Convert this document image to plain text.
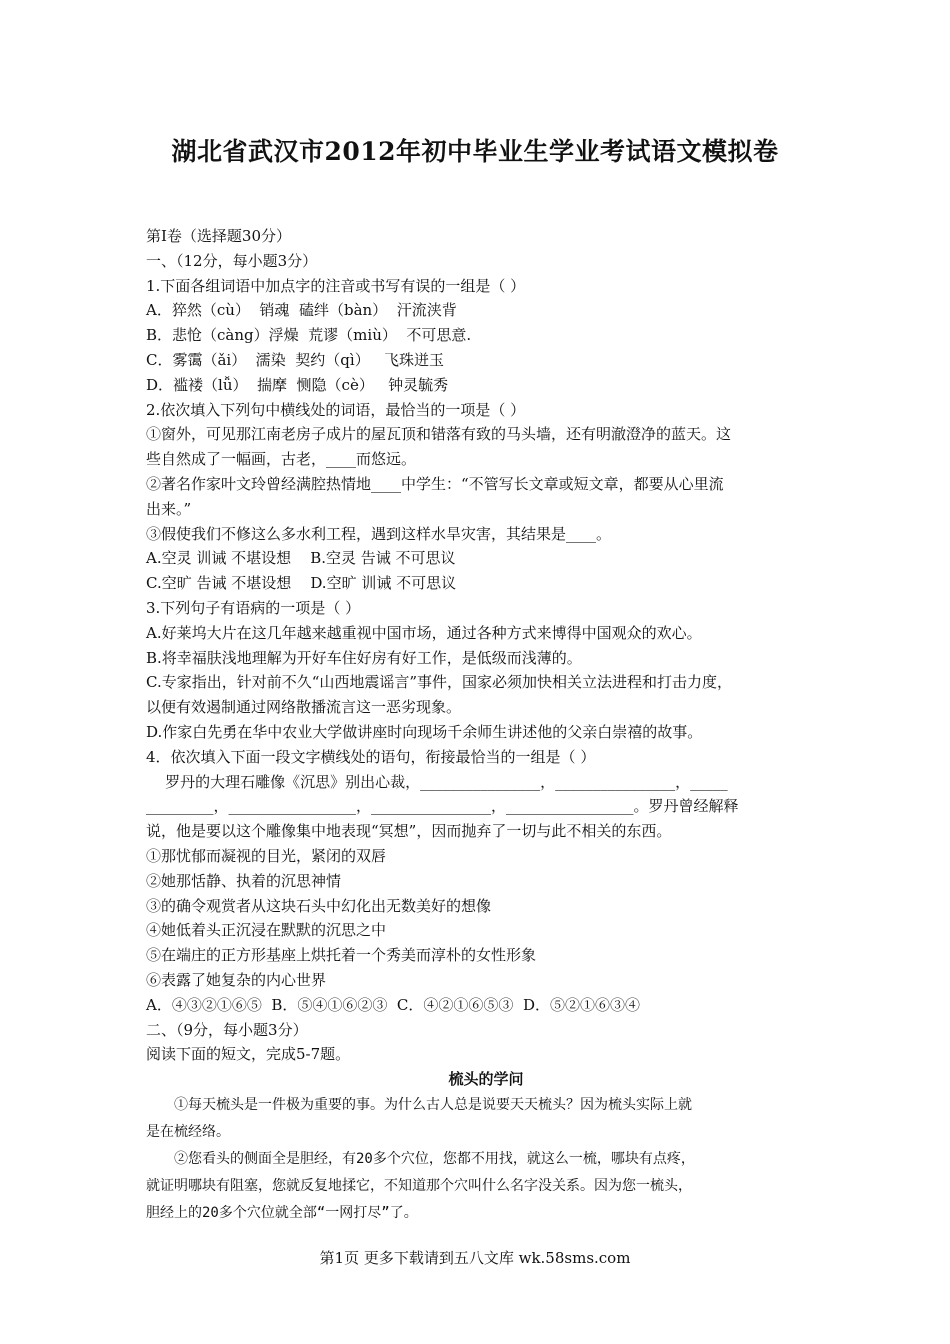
湖北省武汉市2012年初中毕业生学业考试语文模拟卷

第Ⅰ卷（选择题30分）

一、（12分，每小题3分）

1.下面各组词语中加点字的注音或书写有误的一组是（ ）

A．猝然（cù）  销魂  磕绊（bàn）  汗流浃背

B．悲怆（càng）浮燥  荒谬（miù）  不可思意.

C．雾霭（ǎi）  濡染  契约（qì）   飞珠迸玉

D．褴褛（lǚ）  揣摩  恻隐（cè）   钟灵毓秀

2.依次填入下列句中横线处的词语，最恰当的一项是（ ）

①窗外，可见那江南老房子成片的屋瓦顶和错落有致的马头墙，还有明澈澄净的蓝天。这

些自然成了一幅画，古老，____而悠远。

②著名作家叶文玲曾经满腔热情地____中学生：“不管写长文章或短文章，都要从心里流

出来。”

③假使我们不修这么多水利工程，遇到这样水旱灾害，其结果是____。

A.空灵 训诫 不堪设想    B.空灵 告诫 不可思议

C.空旷 告诫 不堪设想    D.空旷 训诫 不可思议

3.下列句子有语病的一项是（ ）

A.好莱坞大片在这几年越来越重视中国市场，通过各种方式来博得中国观众的欢心。

B.将幸福肤浅地理解为开好车住好房有好工作，是低级而浅薄的。

C.专家指出，针对前不久“山西地震谣言”事件，国家必须加快相关立法进程和打击力度，

以便有效遏制通过网络散播流言这一恶劣现象。

D.作家白先勇在华中农业大学做讲座时向现场千余师生讲述他的父亲白崇禧的故事。

4．依次填入下面一段文字横线处的语句，衔接最恰当的一组是（ ）

罗丹的大理石雕像《沉思》别出心裁，________________，________________，_____

_________，_________________，________________，_________________。罗丹曾经解释

说，他是要以这个雕像集中地表现“冥想”，因而抛弃了一切与此不相关的东西。

①那忧郁而凝视的目光，紧闭的双唇

②她那恬静、执着的沉思神情

③的确令观赏者从这块石头中幻化出无数美好的想像

④她低着头正沉浸在默默的沉思之中

⑤在端庄的正方形基座上烘托着一个秀美而淳朴的女性形象

⑥表露了她复杂的内心世界

A．④③②①⑥⑤  B．⑤④①⑥②③  C．④②①⑥⑤③  D．⑤②①⑥③④

二、（9分，每小题3分）

阅读下面的短文，完成5-7题。

梳头的学问

①每天梳头是一件极为重要的事。为什么古人总是说要天天梳头？因为梳头实际上就

是在梳经络。

②您看头的侧面全是胆经，有20多个穴位，您都不用找，就这么一梳，哪块有点疼，

就证明哪块有阻塞，您就反复地揉它，不知道那个穴叫什么名字没关系。因为您一梳头，

胆经上的20多个穴位就全部“一网打尽”了。

第1页 更多下载请到五八文库 wk.58sms.com
